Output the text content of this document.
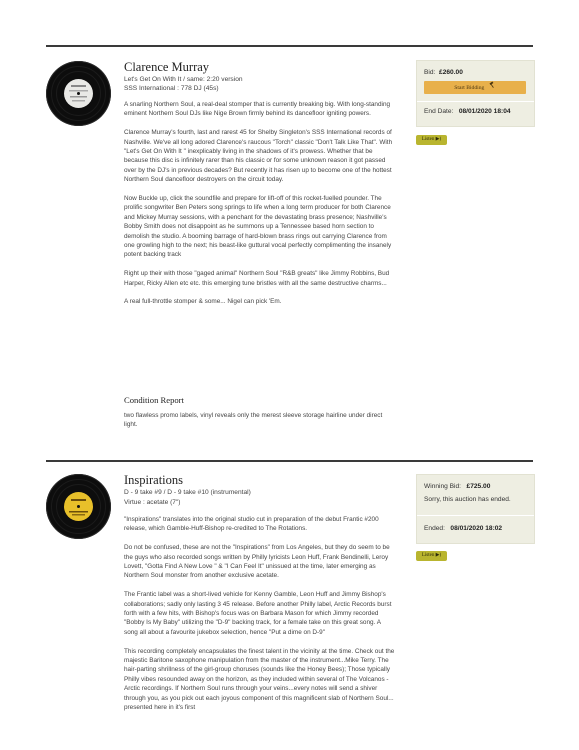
Clarence Murray
Let's Get On With It / same: 2:20 version
SSS International : 778 DJ (45s)

A snarling Northern Soul, a real-deal stomper that is currently breaking big. With long-standing eminent Northern Soul DJs like Nige Brown firmly behind its dancefloor igniting powers.

Clarence Murray's fourth, last and rarest 45 for Shelby Singleton's SSS International records of Nashville. We've all long adored Clarence's raucous "Torch" classic "Don't Talk Like That". With "Let's Get On With It " inexplicably living in the shadows of it's prowess. Whether that be because this disc is infinitely rarer than his classic or for some unknown reason it got passed over by the DJ's in previous decades? But recently it has risen up to become one of the hottest Northern Soul dancefloor destroyers on the circuit today.

Now Buckle up, click the soundfile and prepare for lift-off of this rocket-fuelled pounder. The prolific songwriter Ben Peters song springs to life when a long term producer for both Clarence and Mickey Murray sessions, with a penchant for the devastating brass presence; Nashville's Bobby Smith does not disappoint as he summons up a Tennessee based horn section to demolish the studio. A booming barrage of hard-blown brass rings out carrying Clarence from one growling high to the next; his beast-like guttural vocal perfectly complimenting the insanely potent backing track

Right up their with those "gaged animal" Northern Soul "R&B greats" like Jimmy Robbins, Bud Harper, Ricky Allen etc etc. this emerging tune bristles with all the same destructive charms...

A real full-throttle stomper & some... Nigel can pick 'Em.

Condition Report
two flawless promo labels, vinyl reveals only the merest sleeve storage hairline under direct light.
Bid: £260.00
Start Bidding
End Date: 08/01/2020 18:04
Listen ▶)
Inspirations
D - 9 take #9 / D - 9 take #10 (instrumental)
Virtue : acetate (7")

"Inspirations" translates into the original studio cut in preparation of the debut Frantic #200 release, which Gamble-Huff-Bishop re-credited to The Rotations.

Do not be confused, these are not the "Inspirations" from Los Angeles, but they do seem to be the guys who also recorded songs written by Philly lyricists Leon Huff, Frank Bendinelli, Leroy Lovett, "Gotta Find A New Love " & "I Can Feel It" unissued at the time, later emerging as Northern Soul monster from another exclusive acetate.

The Frantic label was a short-lived vehicle for Kenny Gamble, Leon Huff and Jimmy Bishop's collaborations; sadly only lasting 3 45 release. Before another Philly label, Arctic Records burst forth with a few hits, with Bishop's focus was on Barbara Mason for which Jimmy recorded "Bobby Is My Baby" utilizing the "D-9" backing track, for a female take on this great song. A song all about a favourite jukebox selection, hence "Put a dime on D-9"

This recording completely encapsulates the finest talent in the vicinity at the time. Check out the majestic Baritone saxophone manipulation from the master of the instrument...Mike Terry. The hair-parting shrillness of the girl-group choruses (sounds like the Honey Bees); Those typically Philly vibes resounded away on the horizon, as they included within several of The Volcanos - Arctic recordings. If Northern Soul runs through your veins...every notes will send a shiver through you, as you pick out each joyous component of this magnificent slab of Northern Soul... presented here in it's first

Winning Bid: £725.00
Sorry, this auction has ended.
Ended: 08/01/2020 18:02
Listen ▶)
